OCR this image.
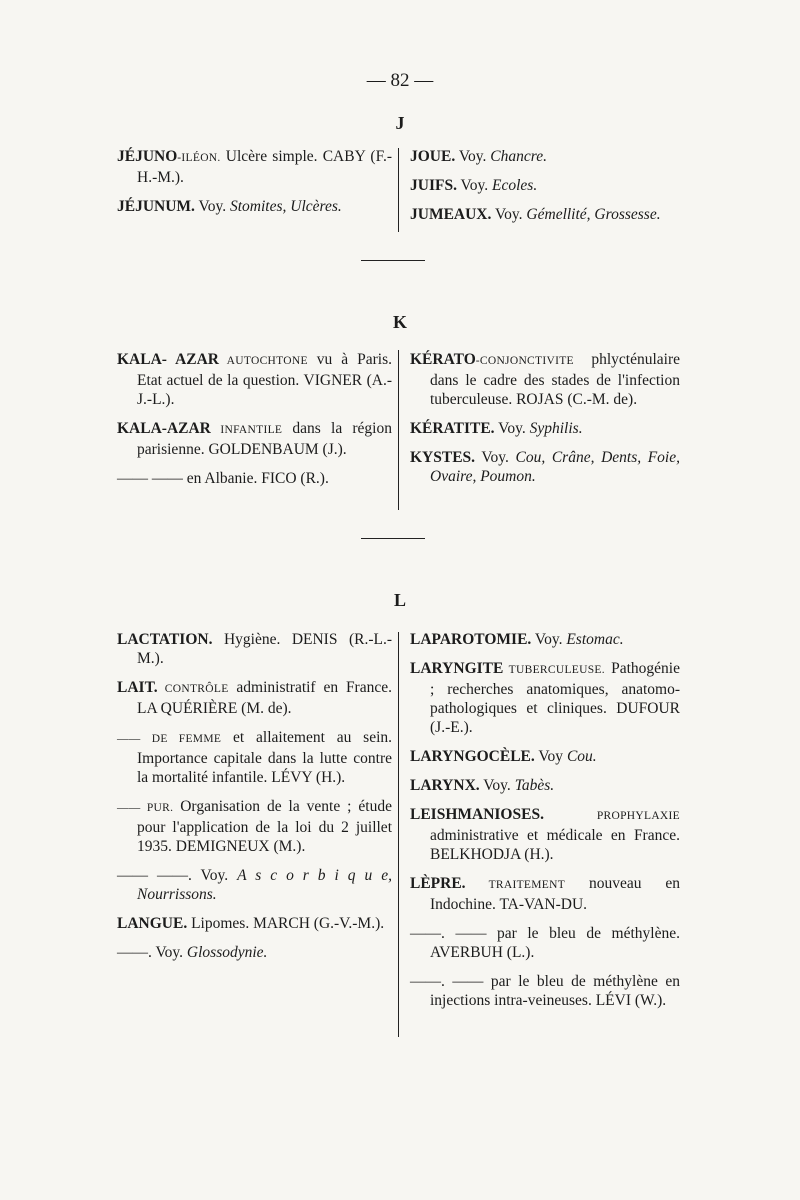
— 82 —
J

JÉJUNO-ILÉON. Ulcère simple. CABY (F.-H.-M.).

JÉJUNUM. Voy. Stomites, Ulcères.

JOUE. Voy. Chancre.

JUIFS. Voy. Ecoles.

JUMEAUX. Voy. Gémellité, Grossesse.

K

KALA- AZAR AUTOCHTONE vu à Paris. Etat actuel de la question. VIGNER (A.-J.-L.).

KALA-AZAR INFANTILE dans la région parisienne. GOLDENBAUM (J.).

—— —— en Albanie. FICO (R.).

KÉRATO-CONJONCTIVITE phlycténulaire dans le cadre des stades de l'infection tuberculeuse. ROJAS (C.-M. de).

KÉRATITE. Voy. Syphilis.

KYSTES. Voy. Cou, Crâne, Dents, Foie, Ovaire, Poumon.

L

LACTATION. Hygiène. DENIS (R.-L.-M.).

LAIT. CONTRÔLE administratif en France. LA QUÉRIÈRE (M. de).

—— DE FEMME et allaitement au sein. Importance capitale dans la lutte contre la mortalité infantile. LÉVY (H.).

—— PUR. Organisation de la vente ; étude pour l'application de la loi du 2 juillet 1935. DEMIGNEUX (M.).

—— ——. Voy. A s c o r b i q u e, Nourrissons.

LANGUE. Lipomes. MARCH (G.-V.-M.).

——. Voy. Glossodynie.

LAPAROTOMIE. Voy. Estomac.

LARYNGITE TUBERCULEUSE. Pathogénie ; recherches anatomiques, anatomo-pathologiques et cliniques. DUFOUR (J.-E.).

LARYNGOCÈLE. Voy Cou.

LARYNX. Voy. Tabès.

LEISHMANIOSES. PROPHYLAXIE administrative et médicale en France. BELKHODJA (H.).

LÈPRE. TRAITEMENT nouveau en Indochine. TA-VAN-DU.

——. —— par le bleu de méthylène. AVERBUH (L.).

——. —— par le bleu de méthylène en injections intra-veineuses. LÉVI (W.).
